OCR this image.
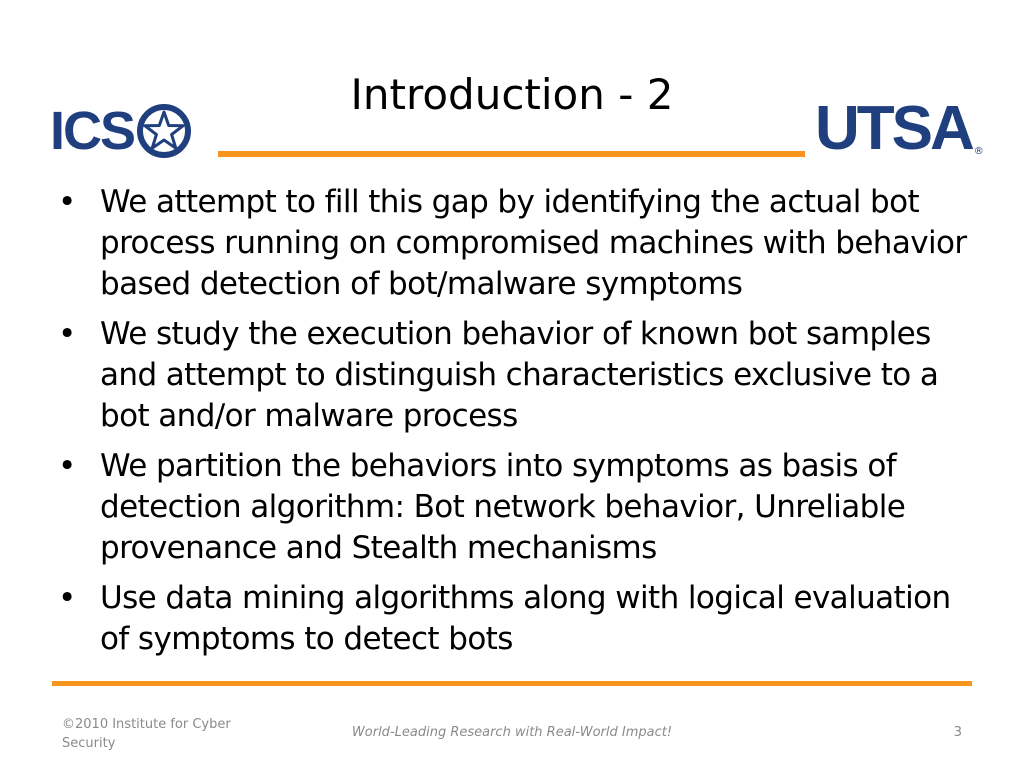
Introduction - 2
ICS	UTSA ®
• We attempt to fill this gap by identifying the actual bot process running on compromised machines with behavior based detection of bot/malware symptoms
• We study the execution behavior of known bot samples and attempt to distinguish characteristics exclusive to a bot and/or malware process
• We partition the behaviors into symptoms as basis of detection algorithm: Bot network behavior, Unreliable provenance and Stealth mechanisms
• Use data mining algorithms along with logical evaluation of symptoms to detect bots
©2010 Institute for Cyber Security
World-Leading Research with Real-World Impact!	3
